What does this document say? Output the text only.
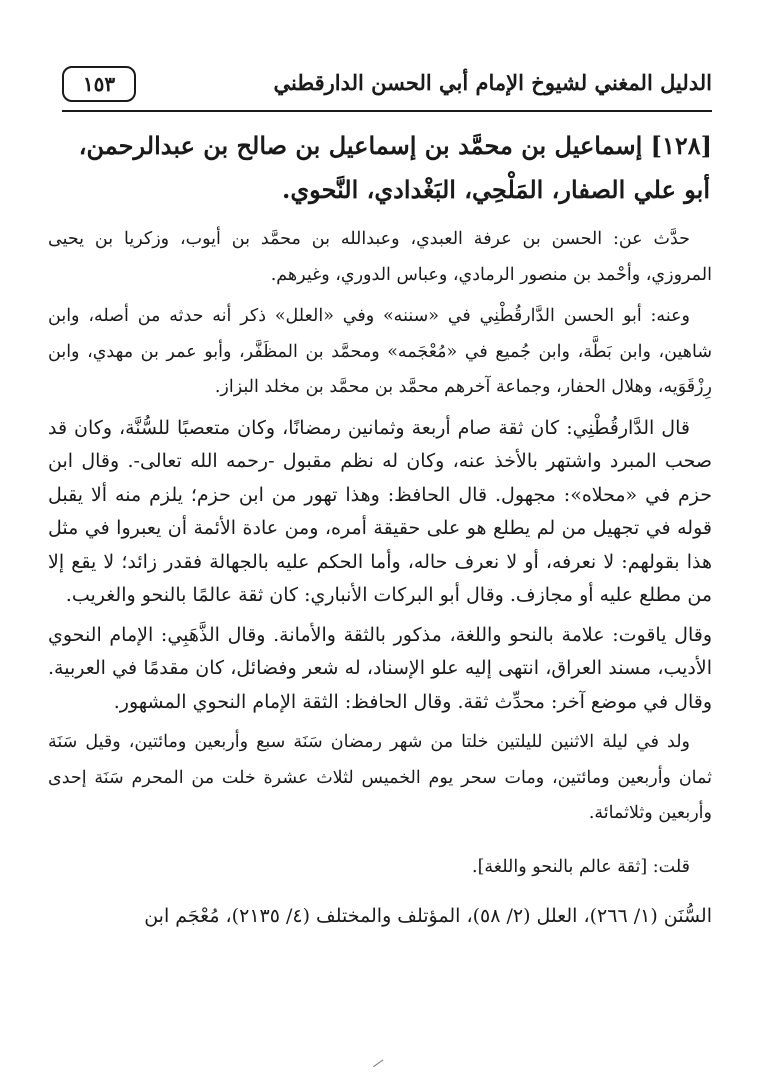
الدليل المغني لشيوخ الإمام أبي الحسن الدارقطني
١٥٣
[١٢٨] إسماعيل بن محمَّد بن إسماعيل بن صالح بن عبدالرحمن،
أبو علي الصفار، المَلْحِي، البَغْدادي، النَّحوي.

حدَّث عن: الحسن بن عرفة العبدي، وعبدالله بن محمَّد بن أيوب، وزكريا بن يحيى المروزي، وأحْمد بن منصور الرمادي، وعباس الدوري، وغيرهم.

وعنه: أبو الحسن الدَّارقُطْنِي في «سننه» وفي «العلل» ذكر أنه حدثه من أصله، وابن شاهين، وابن بَطَّة، وابن جُميع في «مُعْجَمه» ومحمَّد بن المظَفَّر، وأبو عمر بن مهدي، وابن رِزْقَوَيه، وهلال الحفار، وجماعة آخرهم محمَّد بن محمَّد بن مخلد البزاز.

قال الدَّارقُطْنِي: كان ثقة صام أربعة وثمانين رمضانًا، وكان متعصبًا للسُّنَّة، وكان قد صحب المبرد واشتهر بالأخذ عنه، وكان له نظم مقبول -رحمه الله تعالى-. وقال ابن حزم في «محلاه»: مجهول. قال الحافظ: وهذا تهور من ابن حزم؛ يلزم منه ألا يقبل قوله في تجهيل من لم يطلع هو على حقيقة أمره، ومن عادة الأئمة أن يعبروا في مثل هذا بقولهم: لا نعرفه، أو لا نعرف حاله، وأما الحكم عليه بالجهالة فقدر زائد؛ لا يقع إلا من مطلع عليه أو مجازف. وقال أبو البركات الأنباري: كان ثقة عالمًا بالنحو والغريب.

وقال ياقوت: علامة بالنحو واللغة، مذكور بالثقة والأمانة. وقال الذَّهَبِي: الإمام النحوي الأديب، مسند العراق، انتهى إليه علو الإسناد، له شعر وفضائل، كان مقدمًا في العربية. وقال في موضع آخر: محدِّث ثقة. وقال الحافظ: الثقة الإمام النحوي المشهور.

ولد في ليلة الاثنين لليلتين خلتا من شهر رمضان سَنَة سبع وأربعين ومائتين، وقيل سَنَة ثمان وأربعين ومائتين، ومات سحر يوم الخميس لثلاث عشرة خلت من المحرم سَنَة إحدى وأربعين وثلاثمائة.

قلت: [ثقة عالم بالنحو واللغة].

السُّنَن (١/ ٢٦٦)، العلل (٢/ ٥٨)، المؤتلف والمختلف (٤/ ٢١٣٥)، مُعْجَم ابن
